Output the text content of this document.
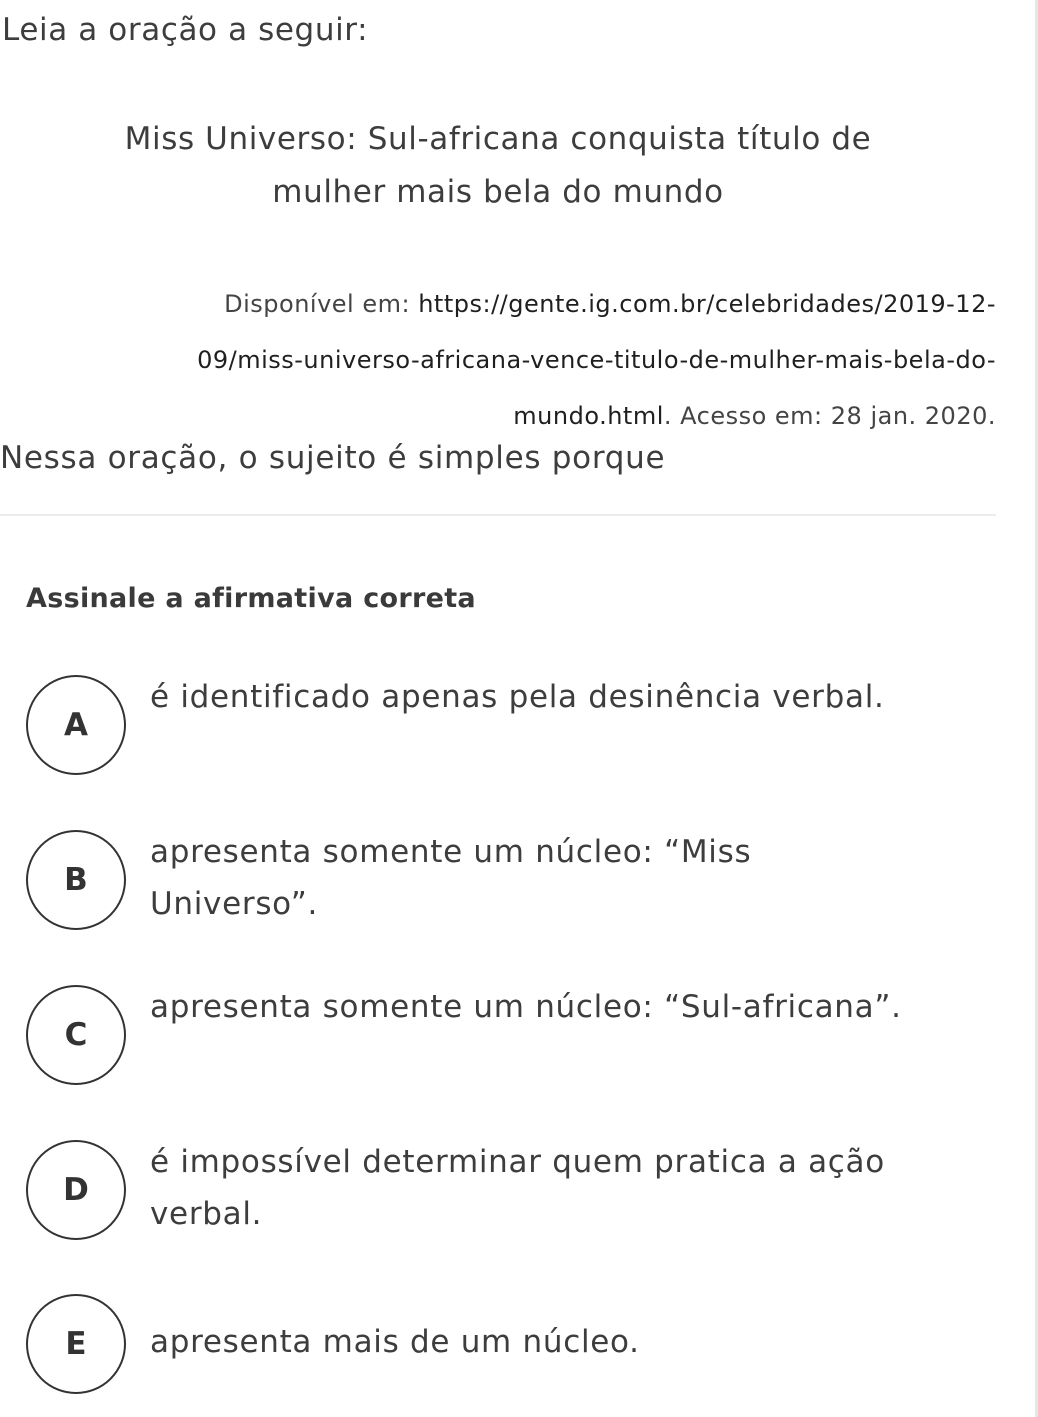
Leia a oração a seguir:
Miss Universo: Sul-africana conquista título de
mulher mais bela do mundo
Disponível em: https://gente.ig.com.br/celebridades/2019-12-
09/miss-universo-africana-vence-titulo-de-mulher-mais-bela-do-
mundo.html. Acesso em: 28 jan. 2020.
Nessa oração, o sujeito é simples porque
Assinale a afirmativa correta
A
é identificado apenas pela desinência verbal.
B
apresenta somente um núcleo: “Miss Universo”.
C
apresenta somente um núcleo: “Sul-africana”.
D
é impossível determinar quem pratica a ação verbal.
E	apresenta mais de um núcleo.
